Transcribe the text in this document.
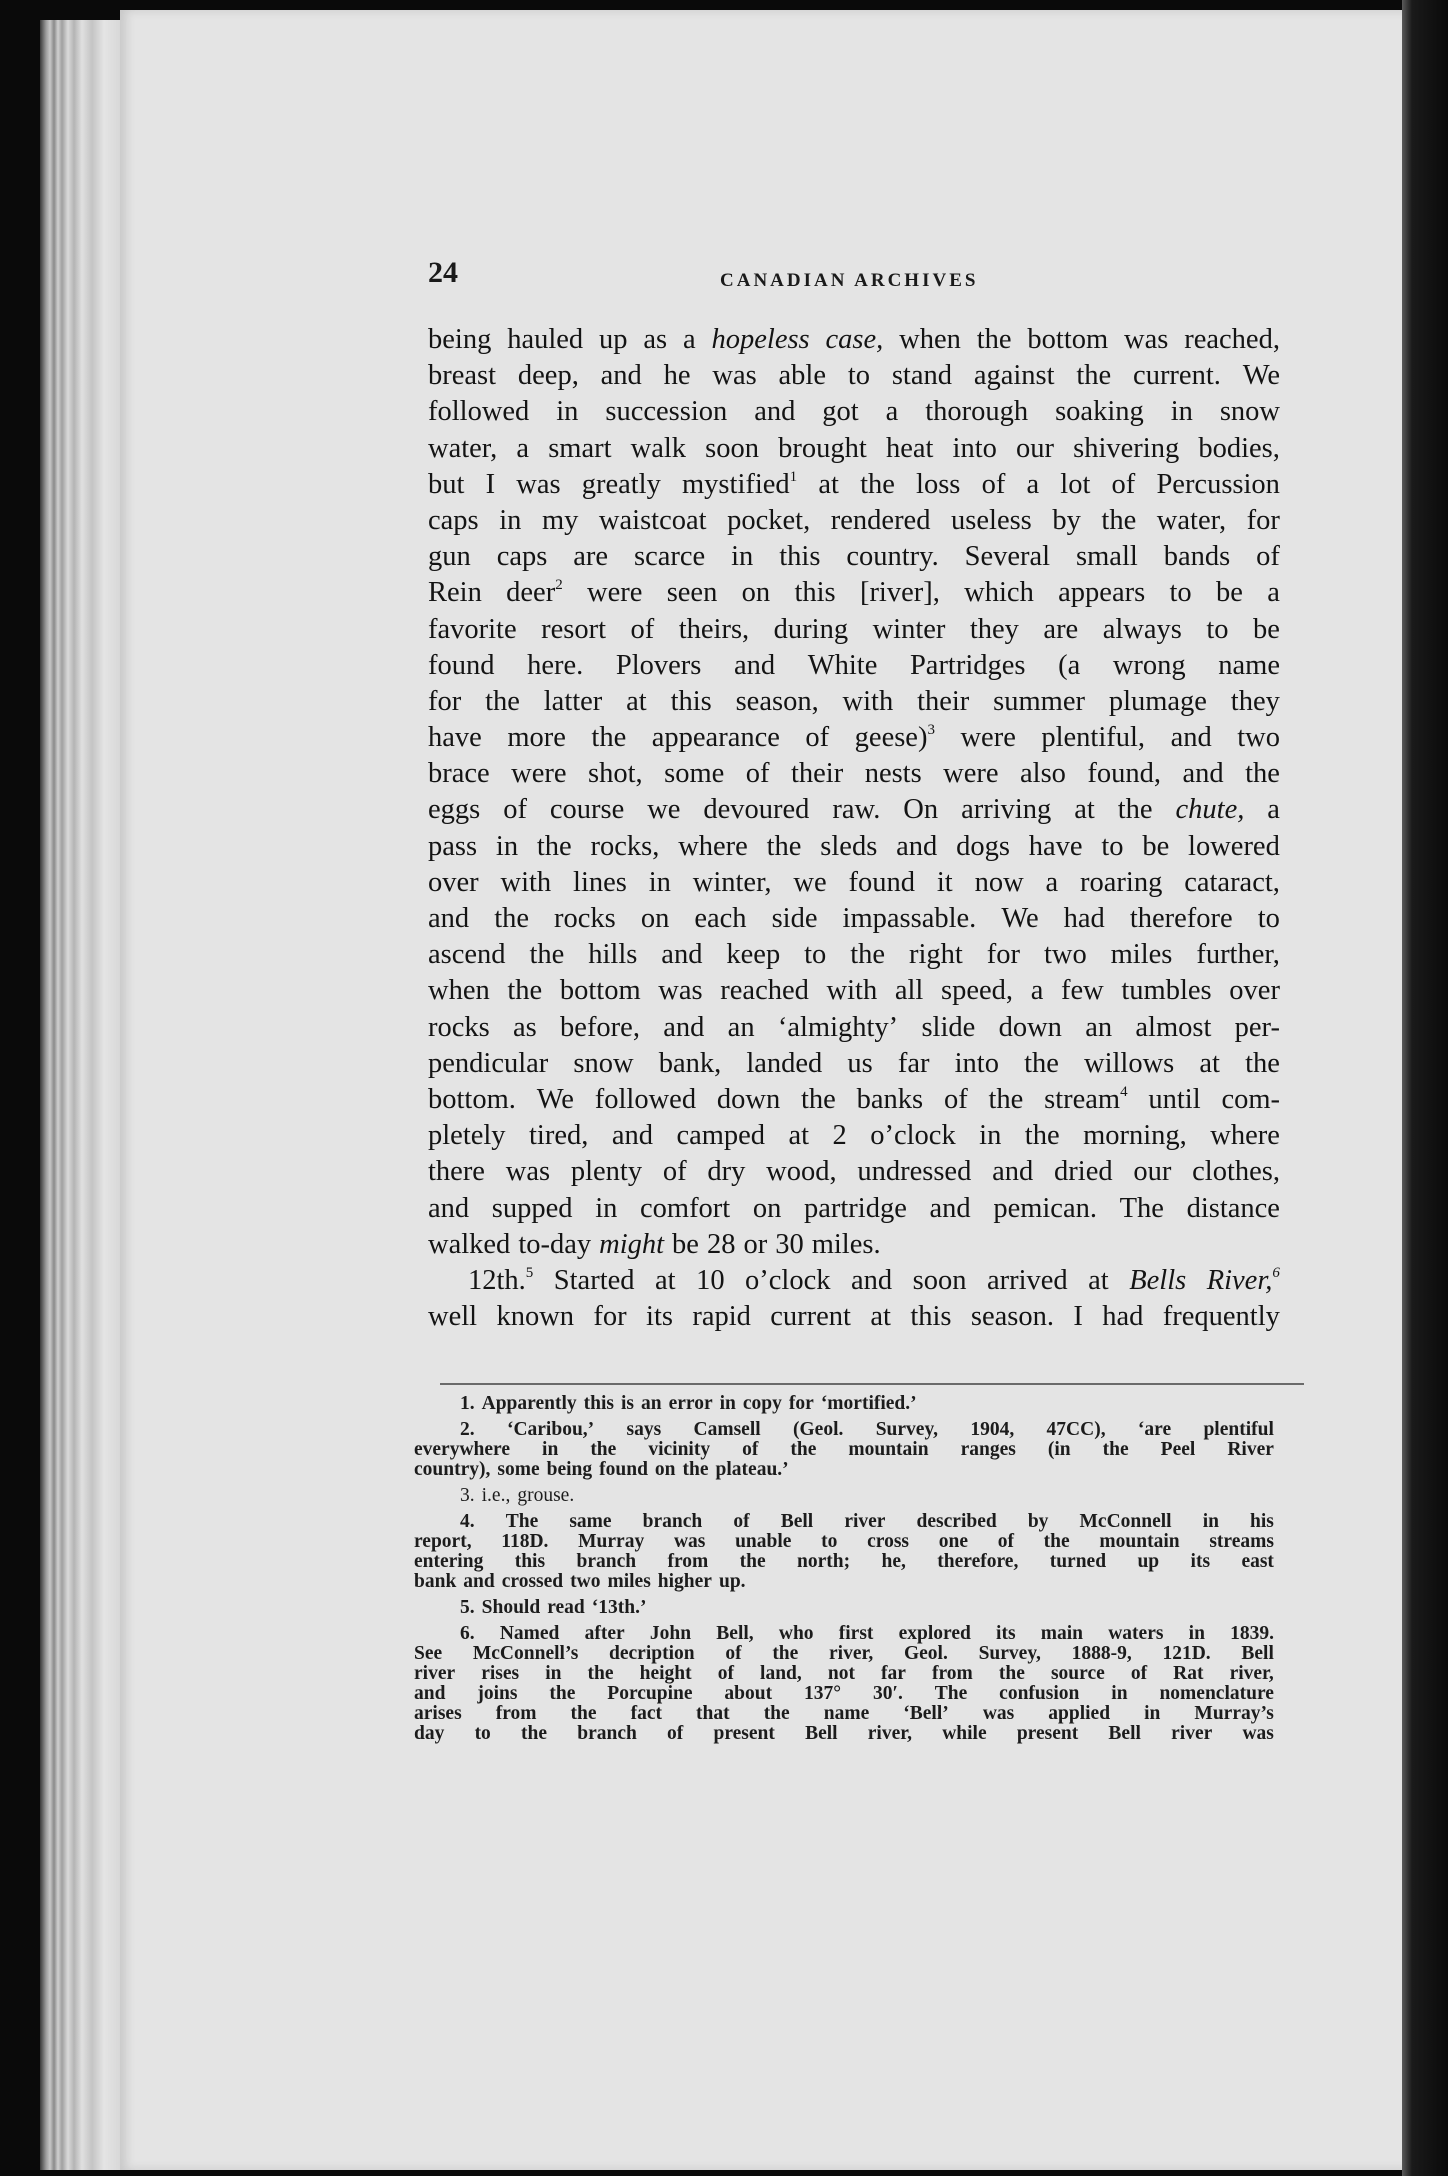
24	CANADIAN ARCHIVES
being hauled up as a hopeless case, when the bottom was reached,
breast deep, and he was able to stand against the current. We
followed in succession and got a thorough soaking in snow
water, a smart walk soon brought heat into our shivering bodies,
but I was greatly mystified$^1$ at the loss of a lot of Percussion
caps in my waistcoat pocket, rendered useless by the water, for
gun caps are scarce in this country. Several small bands of
Rein deer$^2$ were seen on this [river], which appears to be a
favorite resort of theirs, during winter they are always to be
found here. Plovers and White Partridges (a wrong name
for the latter at this season, with their summer plumage they
have more the appearance of geese)$^3$ were plentiful, and two
brace were shot, some of their nests were also found, and the
eggs of course we devoured raw. On arriving at the chute, a
pass in the rocks, where the sleds and dogs have to be lowered
over with lines in winter, we found it now a roaring cataract,
and the rocks on each side impassable. We had therefore to
ascend the hills and keep to the right for two miles further,
when the bottom was reached with all speed, a few tumbles over
rocks as before, and an ‘almighty’ slide down an almost per-
pendicular snow bank, landed us far into the willows at the
bottom. We followed down the banks of the stream$^4$ until com-
pletely tired, and camped at 2 o’clock in the morning, where
there was plenty of dry wood, undressed and dried our clothes,
and supped in comfort on partridge and pemican. The distance
walked to-day might be 28 or 30 miles.
12th.$^5$ Started at 10 o’clock and soon arrived at Bells River,$^6$
well known for its rapid current at this season. I had frequently
1. Apparently this is an error in copy for ‘mortified.’
2. ‘Caribou,’ says Camsell (Geol. Survey, 1904, 47CC), ‘are plentiful
everywhere in the vicinity of the mountain ranges (in the Peel River
country), some being found on the plateau.’
3. i.e., grouse.
4. The same branch of Bell river described by McConnell in his
report, 118D. Murray was unable to cross one of the mountain streams
entering this branch from the north; he, therefore, turned up its east
bank and crossed two miles higher up.
5. Should read ‘13th.’
6. Named after John Bell, who first explored its main waters in 1839.
See McConnell’s decription of the river, Geol. Survey, 1888-9, 121D. Bell
river rises in the height of land, not far from the source of Rat river,
and joins the Porcupine about 137° 30′. The confusion in nomenclature
arises from the fact that the name ‘Bell’ was applied in Murray’s
day to the branch of present Bell river, while present Bell river was
